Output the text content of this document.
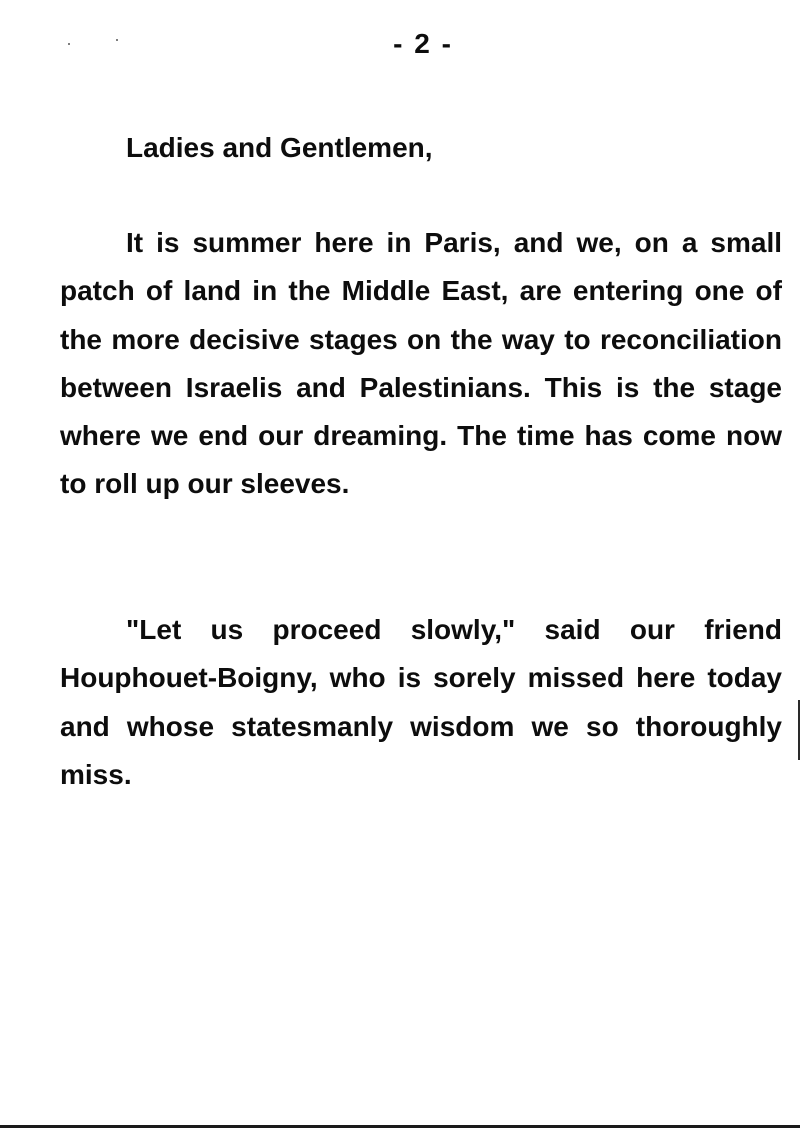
- 2 -

Ladies and Gentlemen,

It is summer here in Paris, and we, on a small patch of land in the Middle East, are entering one of the more decisive stages on the way to reconciliation between Israelis and Palestinians. This is the stage where we end our dreaming. The time has come now to roll up our sleeves.

"Let us proceed slowly," said our friend Houphouet-Boigny, who is sorely missed here today and whose statesmanly wisdom we so thoroughly miss.
